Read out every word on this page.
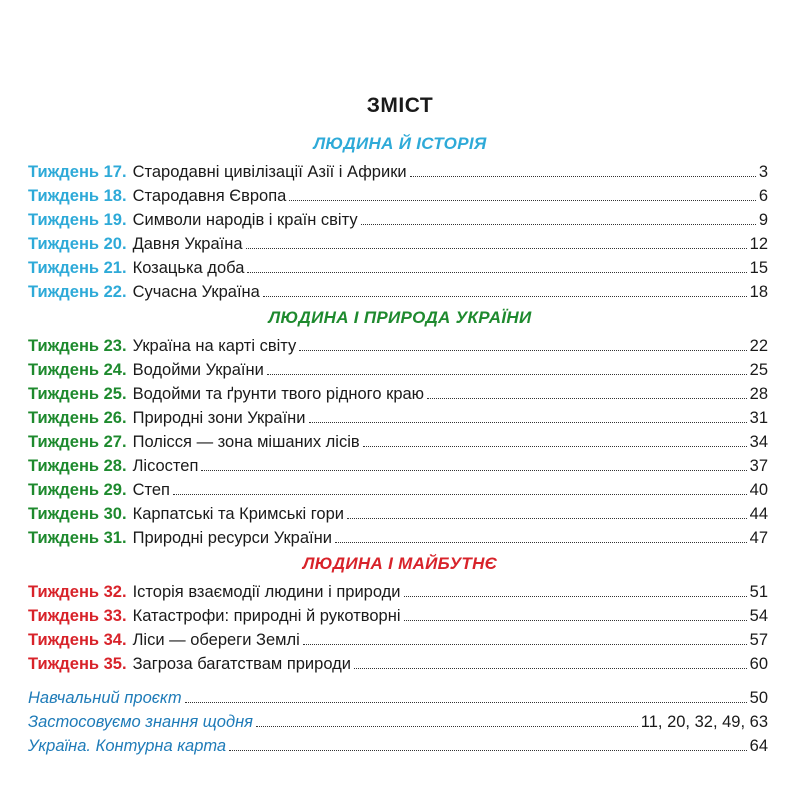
ЗМІСТ
ЛЮДИНА Й ІСТОРІЯ
Тиждень 17. Стародавні цивілізації Азії і Африки	3
Тиждень 18. Стародавня Європа	6
Тиждень 19. Символи народів і країн світу	9
Тиждень 20. Давня Україна	12
Тиждень 21. Козацька доба	15
Тиждень 22. Сучасна Україна	18
ЛЮДИНА І ПРИРОДА УКРАЇНИ
Тиждень 23. Україна на карті світу	22
Тиждень 24. Водойми України	25
Тиждень 25. Водойми та ґрунти твого рідного краю	28
Тиждень 26. Природні зони України	31
Тиждень 27. Полісся — зона мішаних лісів	34
Тиждень 28. Лісостеп	37
Тиждень 29. Степ	40
Тиждень 30. Карпатські та Кримські гори	44
Тиждень 31. Природні ресурси України	47
ЛЮДИНА І МАЙБУТНЄ
Тиждень 32. Історія взаємодії людини і природи	51
Тиждень 33. Катастрофи: природні й рукотворні	54
Тиждень 34. Ліси — обереги Землі	57
Тиждень 35. Загроза багатствам природи	60
Навчальний проєкт	50
Застосовуємо знання щодня	11, 20, 32, 49, 63
Україна. Контурна карта	64
